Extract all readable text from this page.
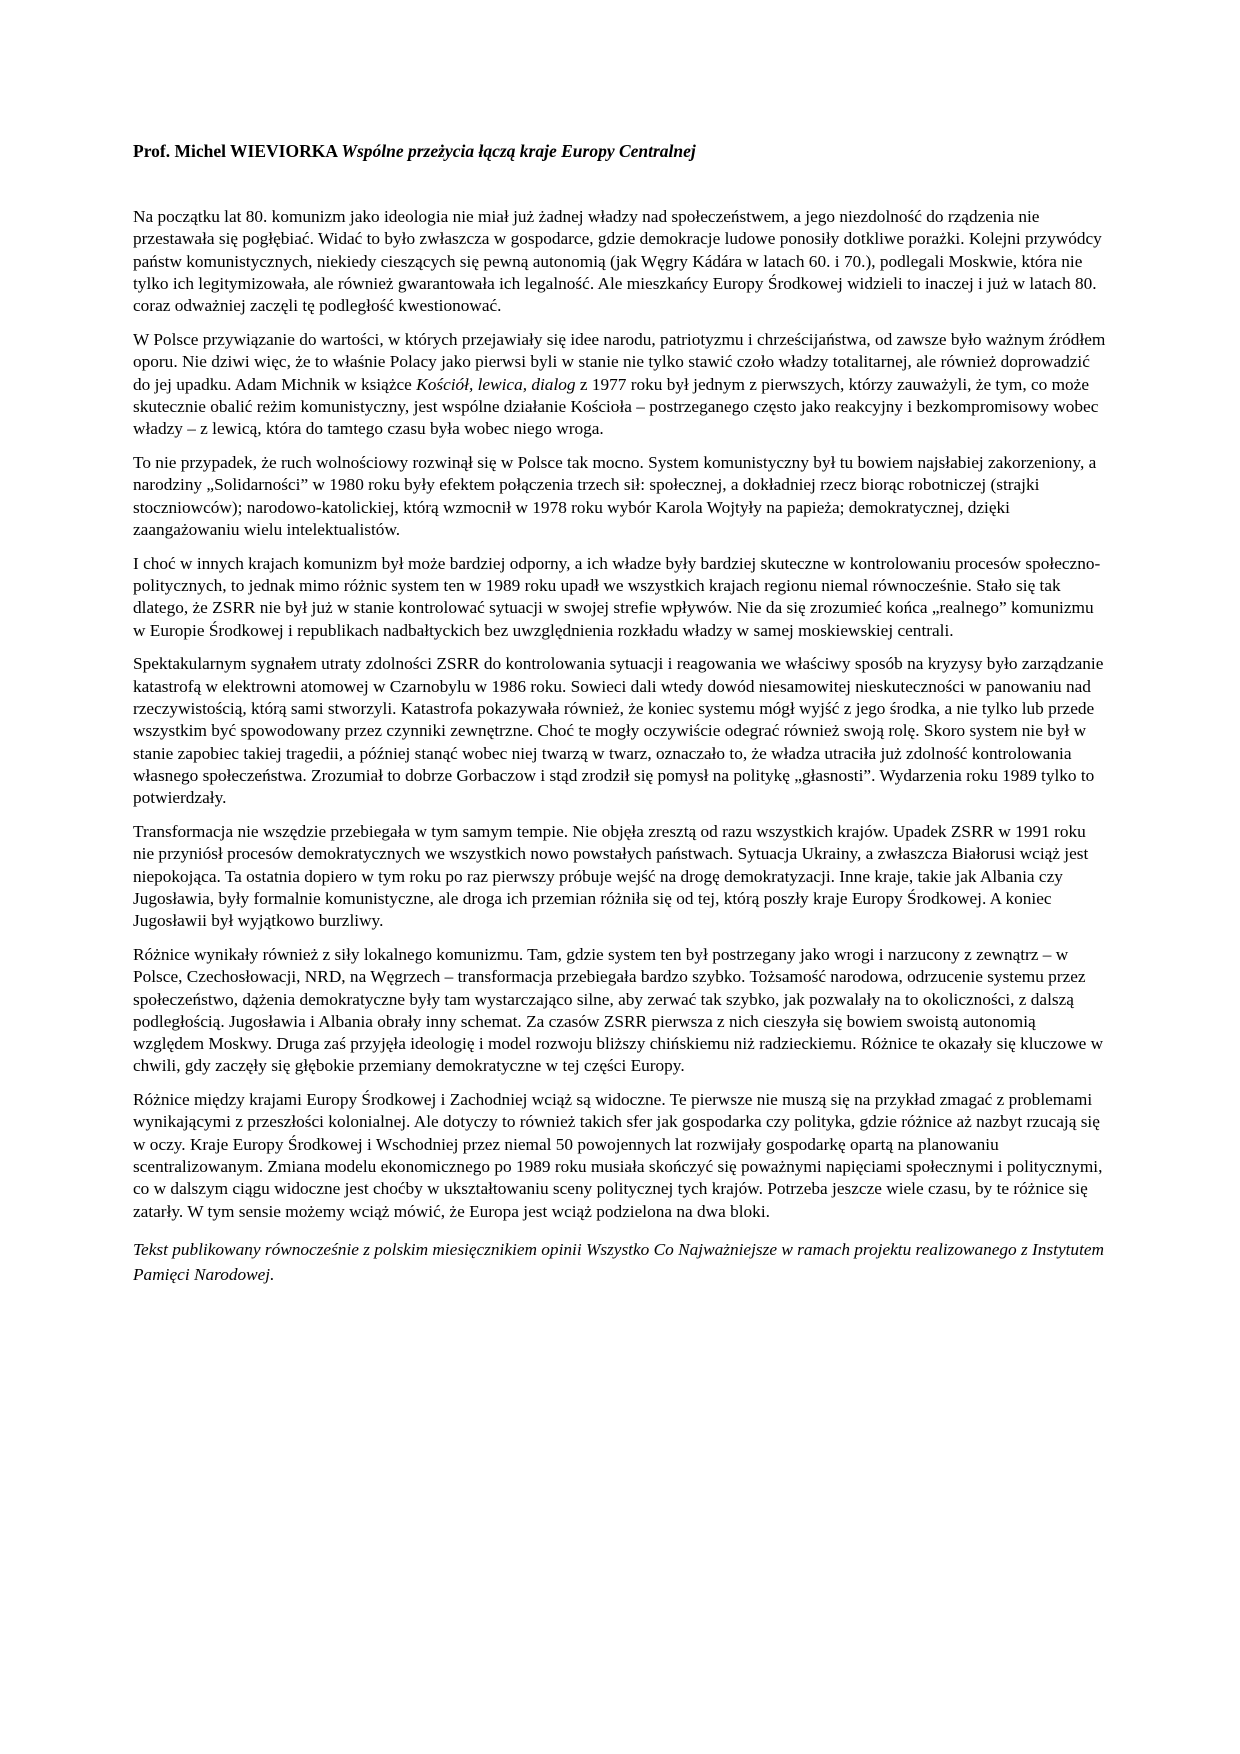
Prof. Michel WIEVIORKA Wspólne przeżycia łączą kraje Europy Centralnej

Na początku lat 80. komunizm jako ideologia nie miał już żadnej władzy nad społeczeństwem, a jego niezdolność do rządzenia nie przestawała się pogłębiać. Widać to było zwłaszcza w gospodarce, gdzie demokracje ludowe ponosiły dotkliwe porażki. Kolejni przywódcy państw komunistycznych, niekiedy cieszących się pewną autonomią (jak Węgry Kádára w latach 60. i 70.), podlegali Moskwie, która nie tylko ich legitymizowała, ale również gwarantowała ich legalność. Ale mieszkańcy Europy Środkowej widzieli to inaczej i już w latach 80. coraz odważniej zaczęli tę podległość kwestionować.

W Polsce przywiązanie do wartości, w których przejawiały się idee narodu, patriotyzmu i chrześcijaństwa, od zawsze było ważnym źródłem oporu. Nie dziwi więc, że to właśnie Polacy jako pierwsi byli w stanie nie tylko stawić czoło władzy totalitarnej, ale również doprowadzić do jej upadku. Adam Michnik w książce Kościół, lewica, dialog z 1977 roku był jednym z pierwszych, którzy zauważyli, że tym, co może skutecznie obalić reżim komunistyczny, jest wspólne działanie Kościoła – postrzeganego często jako reakcyjny i bezkompromisowy wobec władzy – z lewicą, która do tamtego czasu była wobec niego wroga.

To nie przypadek, że ruch wolnościowy rozwinął się w Polsce tak mocno. System komunistyczny był tu bowiem najsłabiej zakorzeniony, a narodziny „Solidarności” w 1980 roku były efektem połączenia trzech sił: społecznej, a dokładniej rzecz biorąc robotniczej (strajki stoczniowców); narodowo-katolickiej, którą wzmocnił w 1978 roku wybór Karola Wojtyły na papieża; demokratycznej, dzięki zaangażowaniu wielu intelektualistów.

I choć w innych krajach komunizm był może bardziej odporny, a ich władze były bardziej skuteczne w kontrolowaniu procesów społeczno-politycznych, to jednak mimo różnic system ten w 1989 roku upadł we wszystkich krajach regionu niemal równocześnie. Stało się tak dlatego, że ZSRR nie był już w stanie kontrolować sytuacji w swojej strefie wpływów. Nie da się zrozumieć końca „realnego” komunizmu w Europie Środkowej i republikach nadbałtyckich bez uwzględnienia rozkładu władzy w samej moskiewskiej centrali.

Spektakularnym sygnałem utraty zdolności ZSRR do kontrolowania sytuacji i reagowania we właściwy sposób na kryzysy było zarządzanie katastrofą w elektrowni atomowej w Czarnobylu w 1986 roku. Sowieci dali wtedy dowód niesamowitej nieskuteczności w panowaniu nad rzeczywistością, którą sami stworzyli. Katastrofa pokazywała również, że koniec systemu mógł wyjść z jego środka, a nie tylko lub przede wszystkim być spowodowany przez czynniki zewnętrzne. Choć te mogły oczywiście odegrać również swoją rolę. Skoro system nie był w stanie zapobiec takiej tragedii, a później stanąć wobec niej twarzą w twarz, oznaczało to, że władza utraciła już zdolność kontrolowania własnego społeczeństwa. Zrozumiał to dobrze Gorbaczow i stąd zrodził się pomysł na politykę „głasnosti”. Wydarzenia roku 1989 tylko to potwierdzały.

Transformacja nie wszędzie przebiegała w tym samym tempie. Nie objęła zresztą od razu wszystkich krajów. Upadek ZSRR w 1991 roku nie przyniósł procesów demokratycznych we wszystkich nowo powstałych państwach. Sytuacja Ukrainy, a zwłaszcza Białorusi wciąż jest niepokojąca. Ta ostatnia dopiero w tym roku po raz pierwszy próbuje wejść na drogę demokratyzacji. Inne kraje, takie jak Albania czy Jugosławia, były formalnie komunistyczne, ale droga ich przemian różniła się od tej, którą poszły kraje Europy Środkowej. A koniec Jugosławii był wyjątkowo burzliwy.

Różnice wynikały również z siły lokalnego komunizmu. Tam, gdzie system ten był postrzegany jako wrogi i narzucony z zewnątrz – w Polsce, Czechosłowacji, NRD, na Węgrzech – transformacja przebiegała bardzo szybko. Tożsamość narodowa, odrzucenie systemu przez społeczeństwo, dążenia demokratyczne były tam wystarczająco silne, aby zerwać tak szybko, jak pozwalały na to okoliczności, z dalszą podległością. Jugosławia i Albania obrały inny schemat. Za czasów ZSRR pierwsza z nich cieszyła się bowiem swoistą autonomią względem Moskwy. Druga zaś przyjęła ideologię i model rozwoju bliższy chińskiemu niż radzieckiemu. Różnice te okazały się kluczowe w chwili, gdy zaczęły się głębokie przemiany demokratyczne w tej części Europy.

Różnice między krajami Europy Środkowej i Zachodniej wciąż są widoczne. Te pierwsze nie muszą się na przykład zmagać z problemami wynikającymi z przeszłości kolonialnej. Ale dotyczy to również takich sfer jak gospodarka czy polityka, gdzie różnice aż nazbyt rzucają się w oczy. Kraje Europy Środkowej i Wschodniej przez niemal 50 powojennych lat rozwijały gospodarkę opartą na planowaniu scentralizowanym. Zmiana modelu ekonomicznego po 1989 roku musiała skończyć się poważnymi napięciami społecznymi i politycznymi, co w dalszym ciągu widoczne jest choćby w ukształtowaniu sceny politycznej tych krajów. Potrzeba jeszcze wiele czasu, by te różnice się zatarły. W tym sensie możemy wciąż mówić, że Europa jest wciąż podzielona na dwa bloki.

Tekst publikowany równocześnie z polskim miesięcznikiem opinii Wszystko Co Najważniejsze w ramach projektu realizowanego z Instytutem Pamięci Narodowej.
